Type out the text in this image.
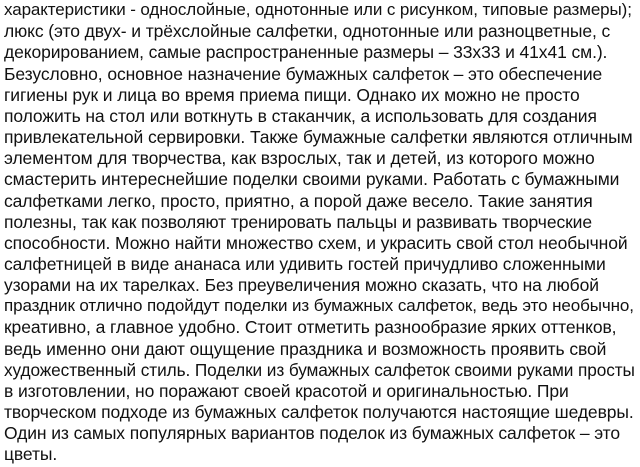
характеристики - однослойные, однотонные или с рисунком, типовые размеры);
люкс (это двух- и трёхслойные салфетки, однотонные или разноцветные, с
декорированием, самые распространенные размеры – 33х33 и 41х41 см.).
Безусловно, основное назначение бумажных салфеток – это обеспечение
гигиены рук и лица во время приема пищи. Однако их можно не просто
положить на стол или воткнуть в стаканчик, а использовать для создания
привлекательной сервировки. Также бумажные салфетки являются отличным
элементом для творчества, как взрослых, так и детей, из которого можно
смастерить интереснейшие поделки своими руками. Работать с бумажными
салфетками легко, просто, приятно, а порой даже весело. Такие занятия
полезны, так как позволяют тренировать пальцы и развивать творческие
способности. Можно найти множество схем, и украсить свой стол необычной
салфетницей в виде ананаса или удивить гостей причудливо сложенными
узорами на их тарелках. Без преувеличения можно сказать, что на любой
праздник отлично подойдут поделки из бумажных салфеток, ведь это необычно,
креативно, а главное удобно. Стоит отметить разнообразие ярких оттенков,
ведь именно они дают ощущение праздника и возможность проявить свой
художественный стиль. Поделки из бумажных салфеток своими руками просты
в изготовлении, но поражают своей красотой и оригинальностью. При
творческом подходе из бумажных салфеток получаются настоящие шедевры.
Один из самых популярных вариантов поделок из бумажных салфеток – это
цветы.
